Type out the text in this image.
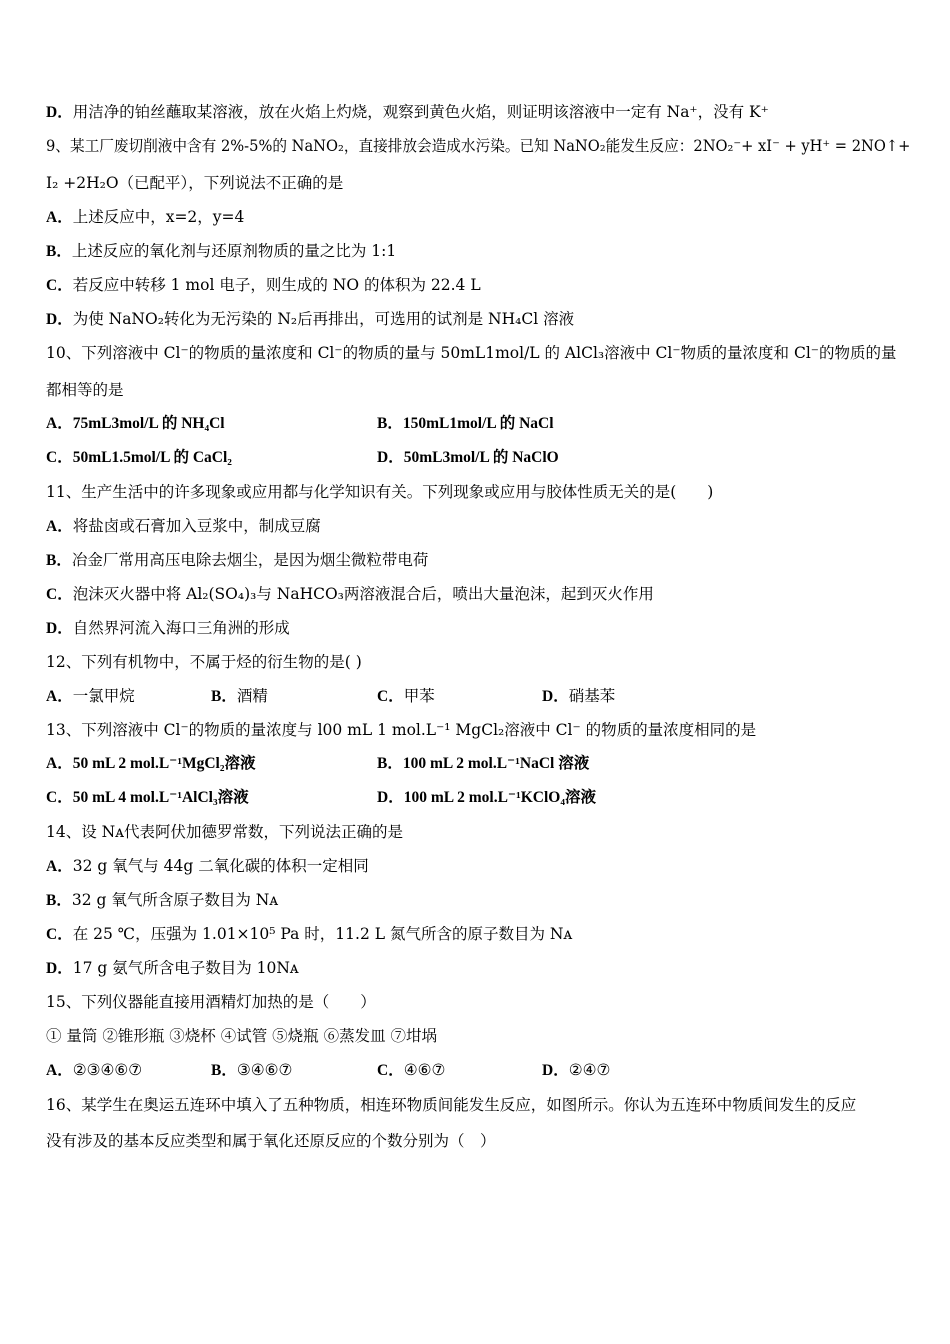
D．用洁净的铂丝蘸取某溶液，放在火焰上灼烧，观察到黄色火焰，则证明该溶液中一定有 Na⁺，没有 K⁺
9、某工厂废切削液中含有 2%-5%的 NaNO₂，直接排放会造成水污染。已知 NaNO₂能发生反应：2NO₂⁻+ xI⁻ + yH⁺ = 2NO↑+
I₂ +2H₂O（已配平），下列说法不正确的是
A．上述反应中，x=2，y=4
B．上述反应的氧化剂与还原剂物质的量之比为 1:1
C．若反应中转移 1 mol 电子，则生成的 NO 的体积为 22.4 L
D．为使 NaNO₂转化为无污染的 N₂后再排出，可选用的试剂是 NH₄Cl 溶液
10、下列溶液中 Cl⁻的物质的量浓度和 Cl⁻的物质的量与 50mL1mol/L 的 AlCl₃溶液中 Cl⁻物质的量浓度和 Cl⁻的物质的量
都相等的是
A．75mL3mol/L 的 NH₄Cl	B．150mL1mol/L 的 NaCl
C．50mL1.5mol/L 的 CaCl₂	D．50mL3mol/L 的 NaClO
11、生产生活中的许多现象或应用都与化学知识有关。下列现象或应用与胶体性质无关的是(　　)
A．将盐卤或石膏加入豆浆中，制成豆腐
B．冶金厂常用高压电除去烟尘，是因为烟尘微粒带电荷
C．泡沫灭火器中将 Al₂(SO₄)₃与 NaHCO₃两溶液混合后，喷出大量泡沫，起到灭火作用
D．自然界河流入海口三角洲的形成
12、下列有机物中，不属于烃的衍生物的是( )
A．一氯甲烷	B．酒精	C．甲苯	D．硝基苯
13、下列溶液中 Cl⁻的物质的量浓度与 l00 mL 1 mol.L⁻¹ MgCl₂溶液中 Cl⁻ 的物质的量浓度相同的是
A．50 mL 2 mol.L⁻¹MgCl₂溶液	B．100 mL 2 mol.L⁻¹NaCl 溶液
C．50 mL 4 mol.L⁻¹AlCl₃溶液	D．100 mL 2 mol.L⁻¹KClO₄溶液
14、设 Nᴀ代表阿伏加德罗常数，下列说法正确的是
A．32 g 氧气与 44g 二氧化碳的体积一定相同
B．32 g 氧气所含原子数目为 Nᴀ
C．在 25 ℃，压强为 1.01×10⁵ Pa 时，11.2 L 氮气所含的原子数目为 Nᴀ
D．17 g 氨气所含电子数目为 10Nᴀ
15、下列仪器能直接用酒精灯加热的是（　　）
① 量筒 ②锥形瓶 ③烧杯 ④试管 ⑤烧瓶 ⑥蒸发皿 ⑦坩埚
A．②③④⑥⑦	B．③④⑥⑦	C．④⑥⑦	D．②④⑦
16、某学生在奥运五连环中填入了五种物质，相连环物质间能发生反应，如图所示。你认为五连环中物质间发生的反应
没有涉及的基本反应类型和属于氧化还原反应的个数分别为（　）
